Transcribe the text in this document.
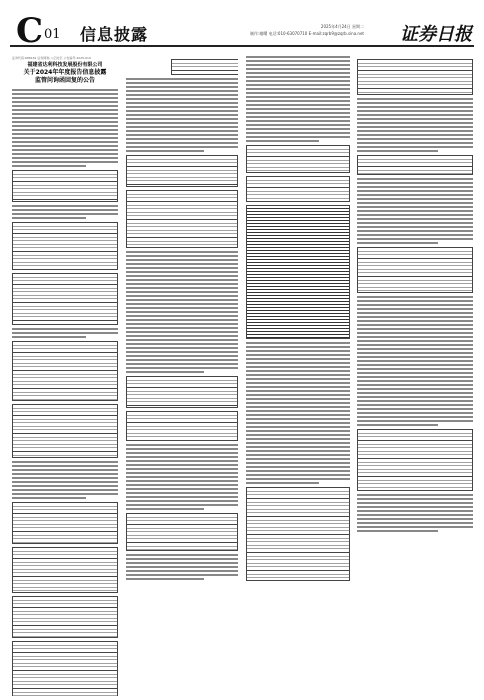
C 01 信息披露	2025年4月24日 星期二
制作:谢曙 电话:010-63070710 E-mail:zqrb9@zqrb.sina.net 证券日报
证券代码:688181 证券简称:八亿时空 公告编号:2025-019
福建省达利科技发展股份有限公司
关于2024年年度报告信息披露
监管问询函回复的公告
